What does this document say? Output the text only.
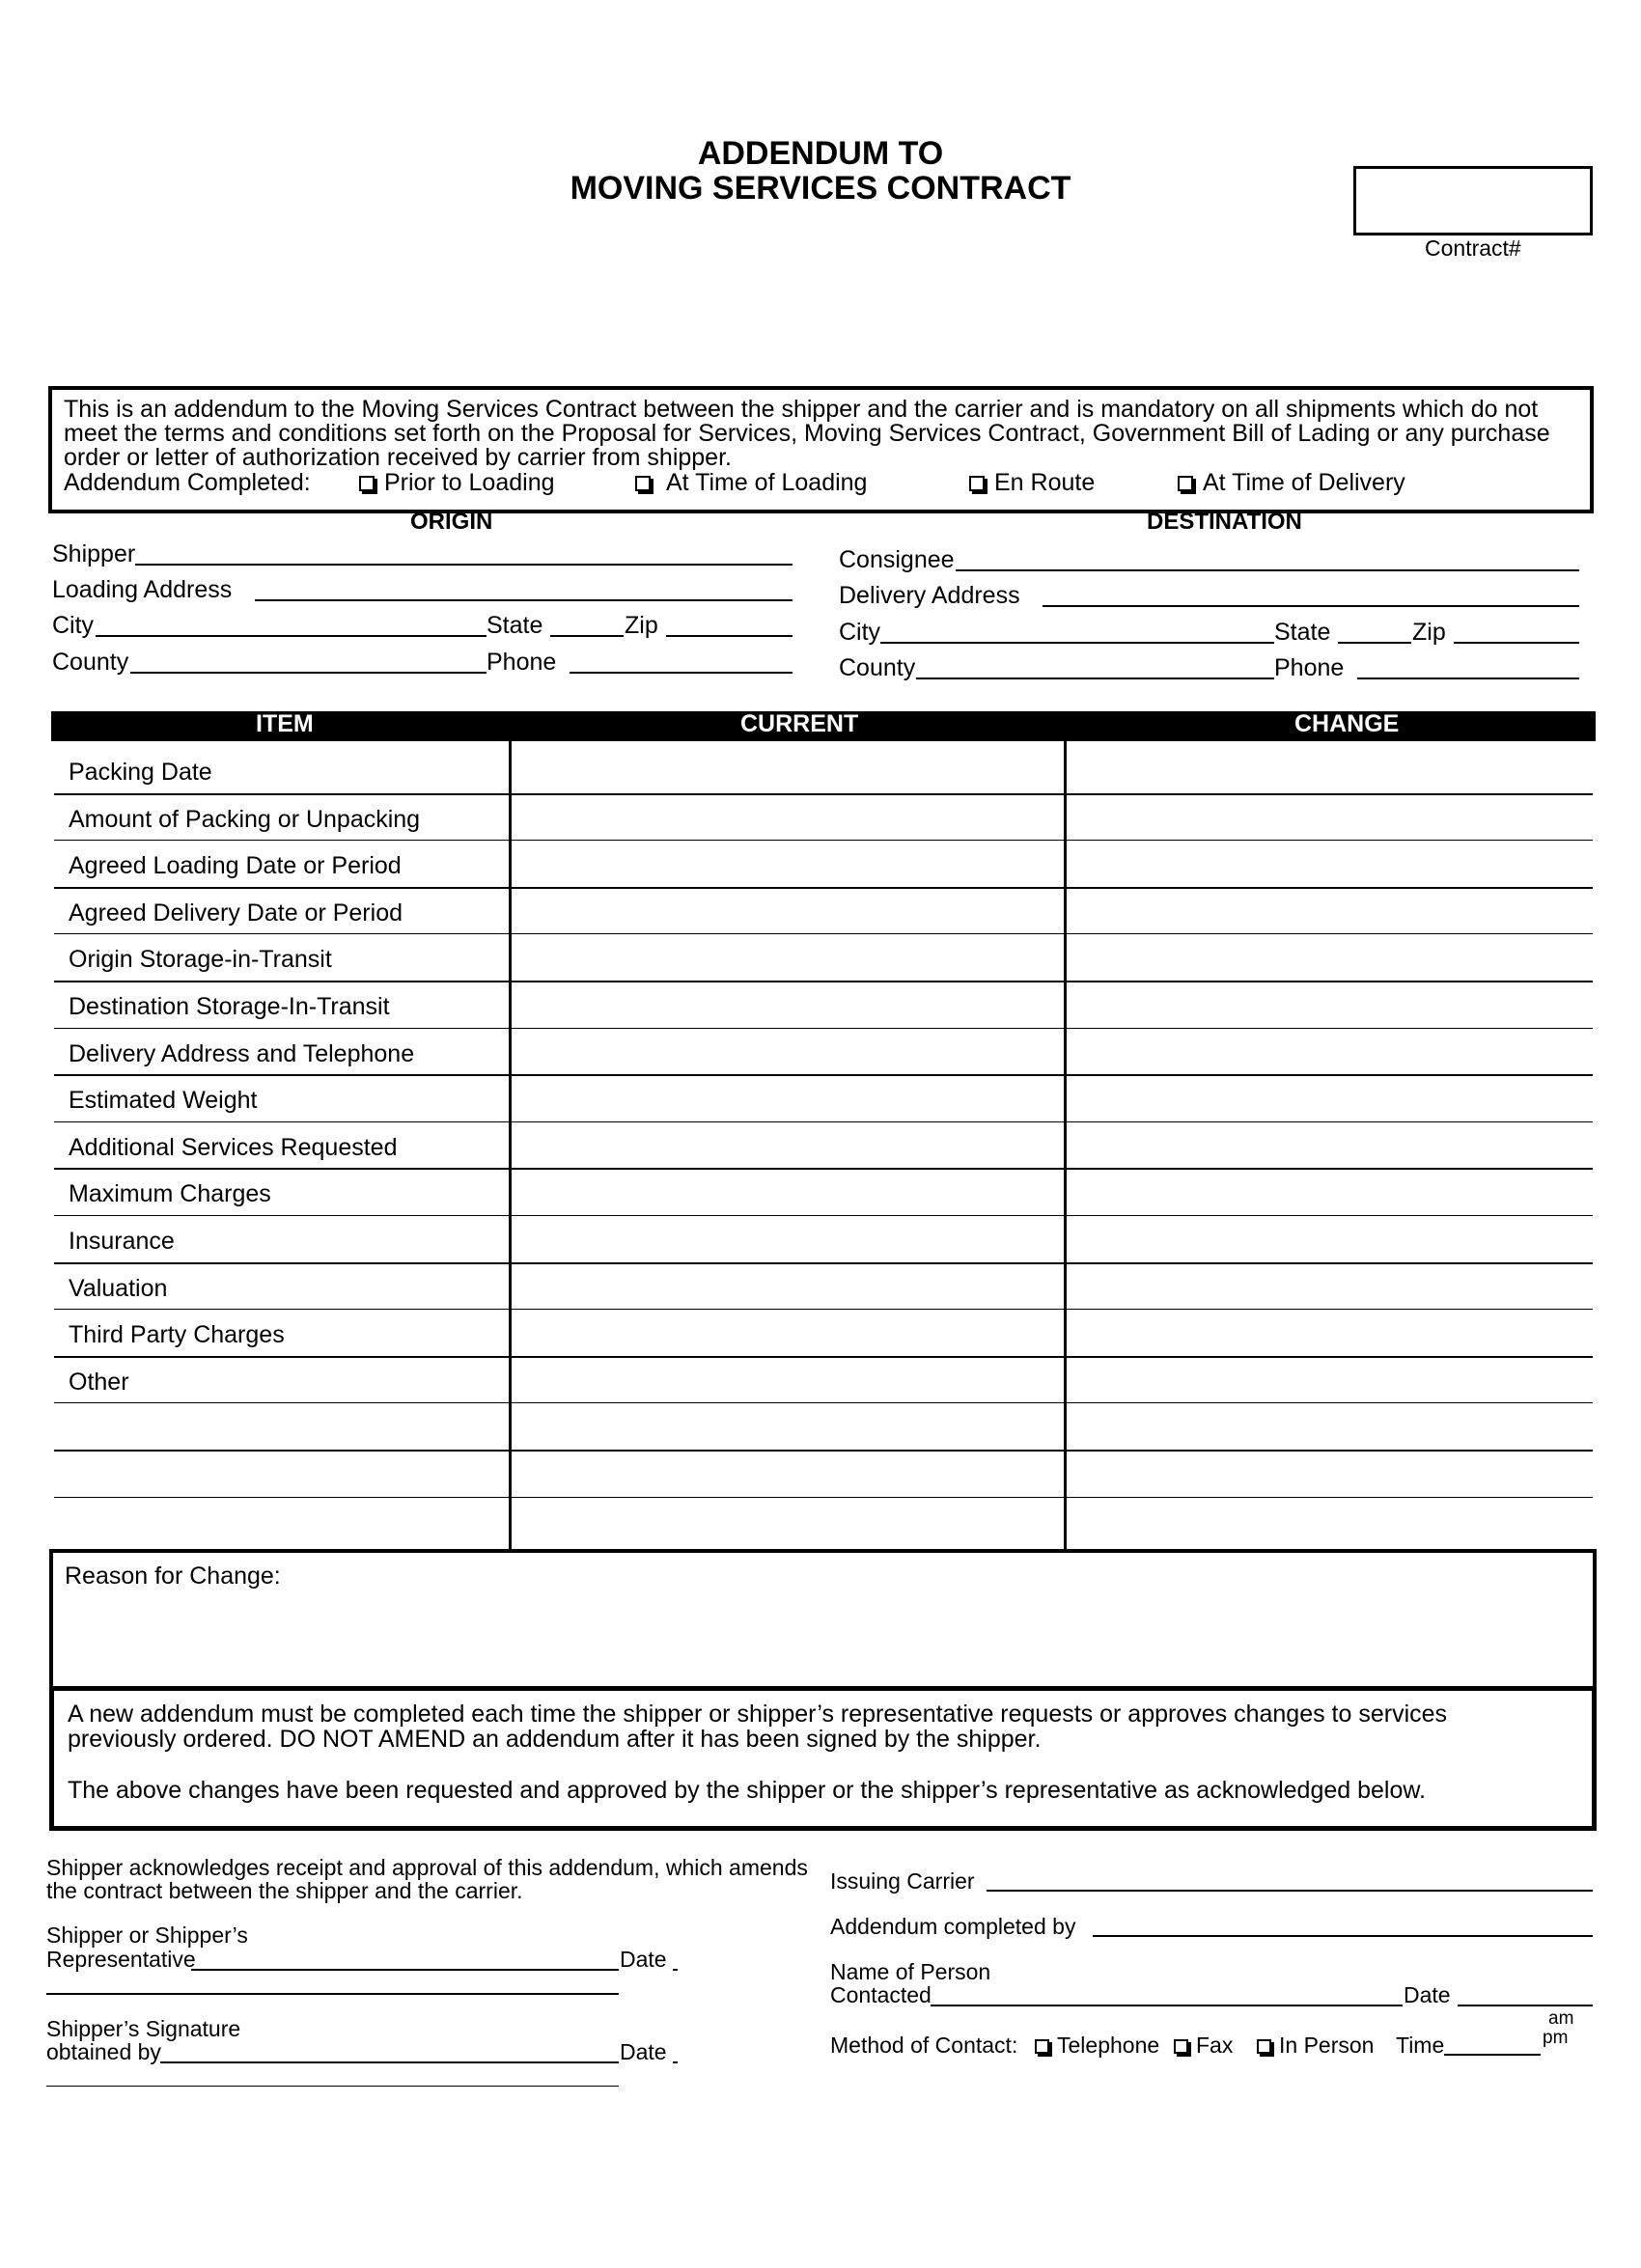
ADDENDUM TO
MOVING SERVICES CONTRACT
Contract#
This is an addendum to the Moving Services Contract between the shipper and the carrier and is mandatory on all shipments which do not
meet the terms and conditions set forth on the Proposal for Services, Moving Services Contract, Government Bill of Lading or any purchase
order or letter of authorization received by carrier from shipper.
Addendum Completed:	Prior to Loading	At Time of Loading	En Route	At Time of Delivery
ORIGIN
Shipper
Loading Address
City	State	Zip
County	Phone
DESTINATION
Consignee
Delivery Address
City	State	Zip
County	Phone
ITEM	CURRENT	CHANGE
Packing Date
Amount of Packing or Unpacking
Agreed Loading Date or Period
Agreed Delivery Date or Period
Origin Storage-in-Transit
Destination Storage-In-Transit
Delivery Address and Telephone
Estimated Weight
Additional Services Requested
Maximum Charges
Insurance
Valuation
Third Party Charges
Other
Reason for Change:
A new addendum must be completed each time the shipper or shipper’s representative requests or approves changes to services
previously ordered. DO NOT AMEND an addendum after it has been signed by the shipper.
The above changes have been requested and approved by the shipper or the shipper’s representative as acknowledged below.
Shipper acknowledges receipt and approval of this addendum, which amends
the contract between the shipper and the carrier.
Shipper or Shipper’s
Representative	Date
Shipper’s Signature
obtained by	Date
Issuing Carrier
Addendum completed by
Name of Person
Contacted	Date
Method of Contact:	Telephone	Fax	In Person Time
am
pm
